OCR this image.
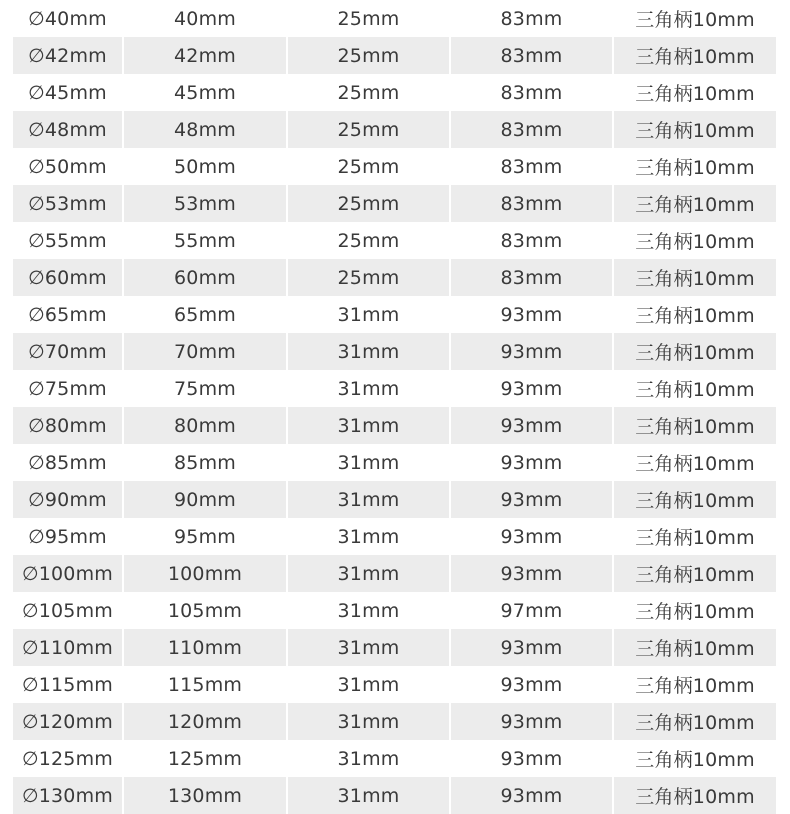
∅40mm	40mm	25mm	83mm	三角柄10mm
∅42mm	42mm	25mm	83mm	三角柄10mm
∅45mm	45mm	25mm	83mm	三角柄10mm
∅48mm	48mm	25mm	83mm	三角柄10mm
∅50mm	50mm	25mm	83mm	三角柄10mm
∅53mm	53mm	25mm	83mm	三角柄10mm
∅55mm	55mm	25mm	83mm	三角柄10mm
∅60mm	60mm	25mm	83mm	三角柄10mm
∅65mm	65mm	31mm	93mm	三角柄10mm
∅70mm	70mm	31mm	93mm	三角柄10mm
∅75mm	75mm	31mm	93mm	三角柄10mm
∅80mm	80mm	31mm	93mm	三角柄10mm
∅85mm	85mm	31mm	93mm	三角柄10mm
∅90mm	90mm	31mm	93mm	三角柄10mm
∅95mm	95mm	31mm	93mm	三角柄10mm
∅100mm	100mm	31mm	93mm	三角柄10mm
∅105mm	105mm	31mm	97mm	三角柄10mm
∅110mm	110mm	31mm	93mm	三角柄10mm
∅115mm	115mm	31mm	93mm	三角柄10mm
∅120mm	120mm	31mm	93mm	三角柄10mm
∅125mm	125mm	31mm	93mm	三角柄10mm
∅130mm	130mm	31mm	93mm	三角柄10mm
